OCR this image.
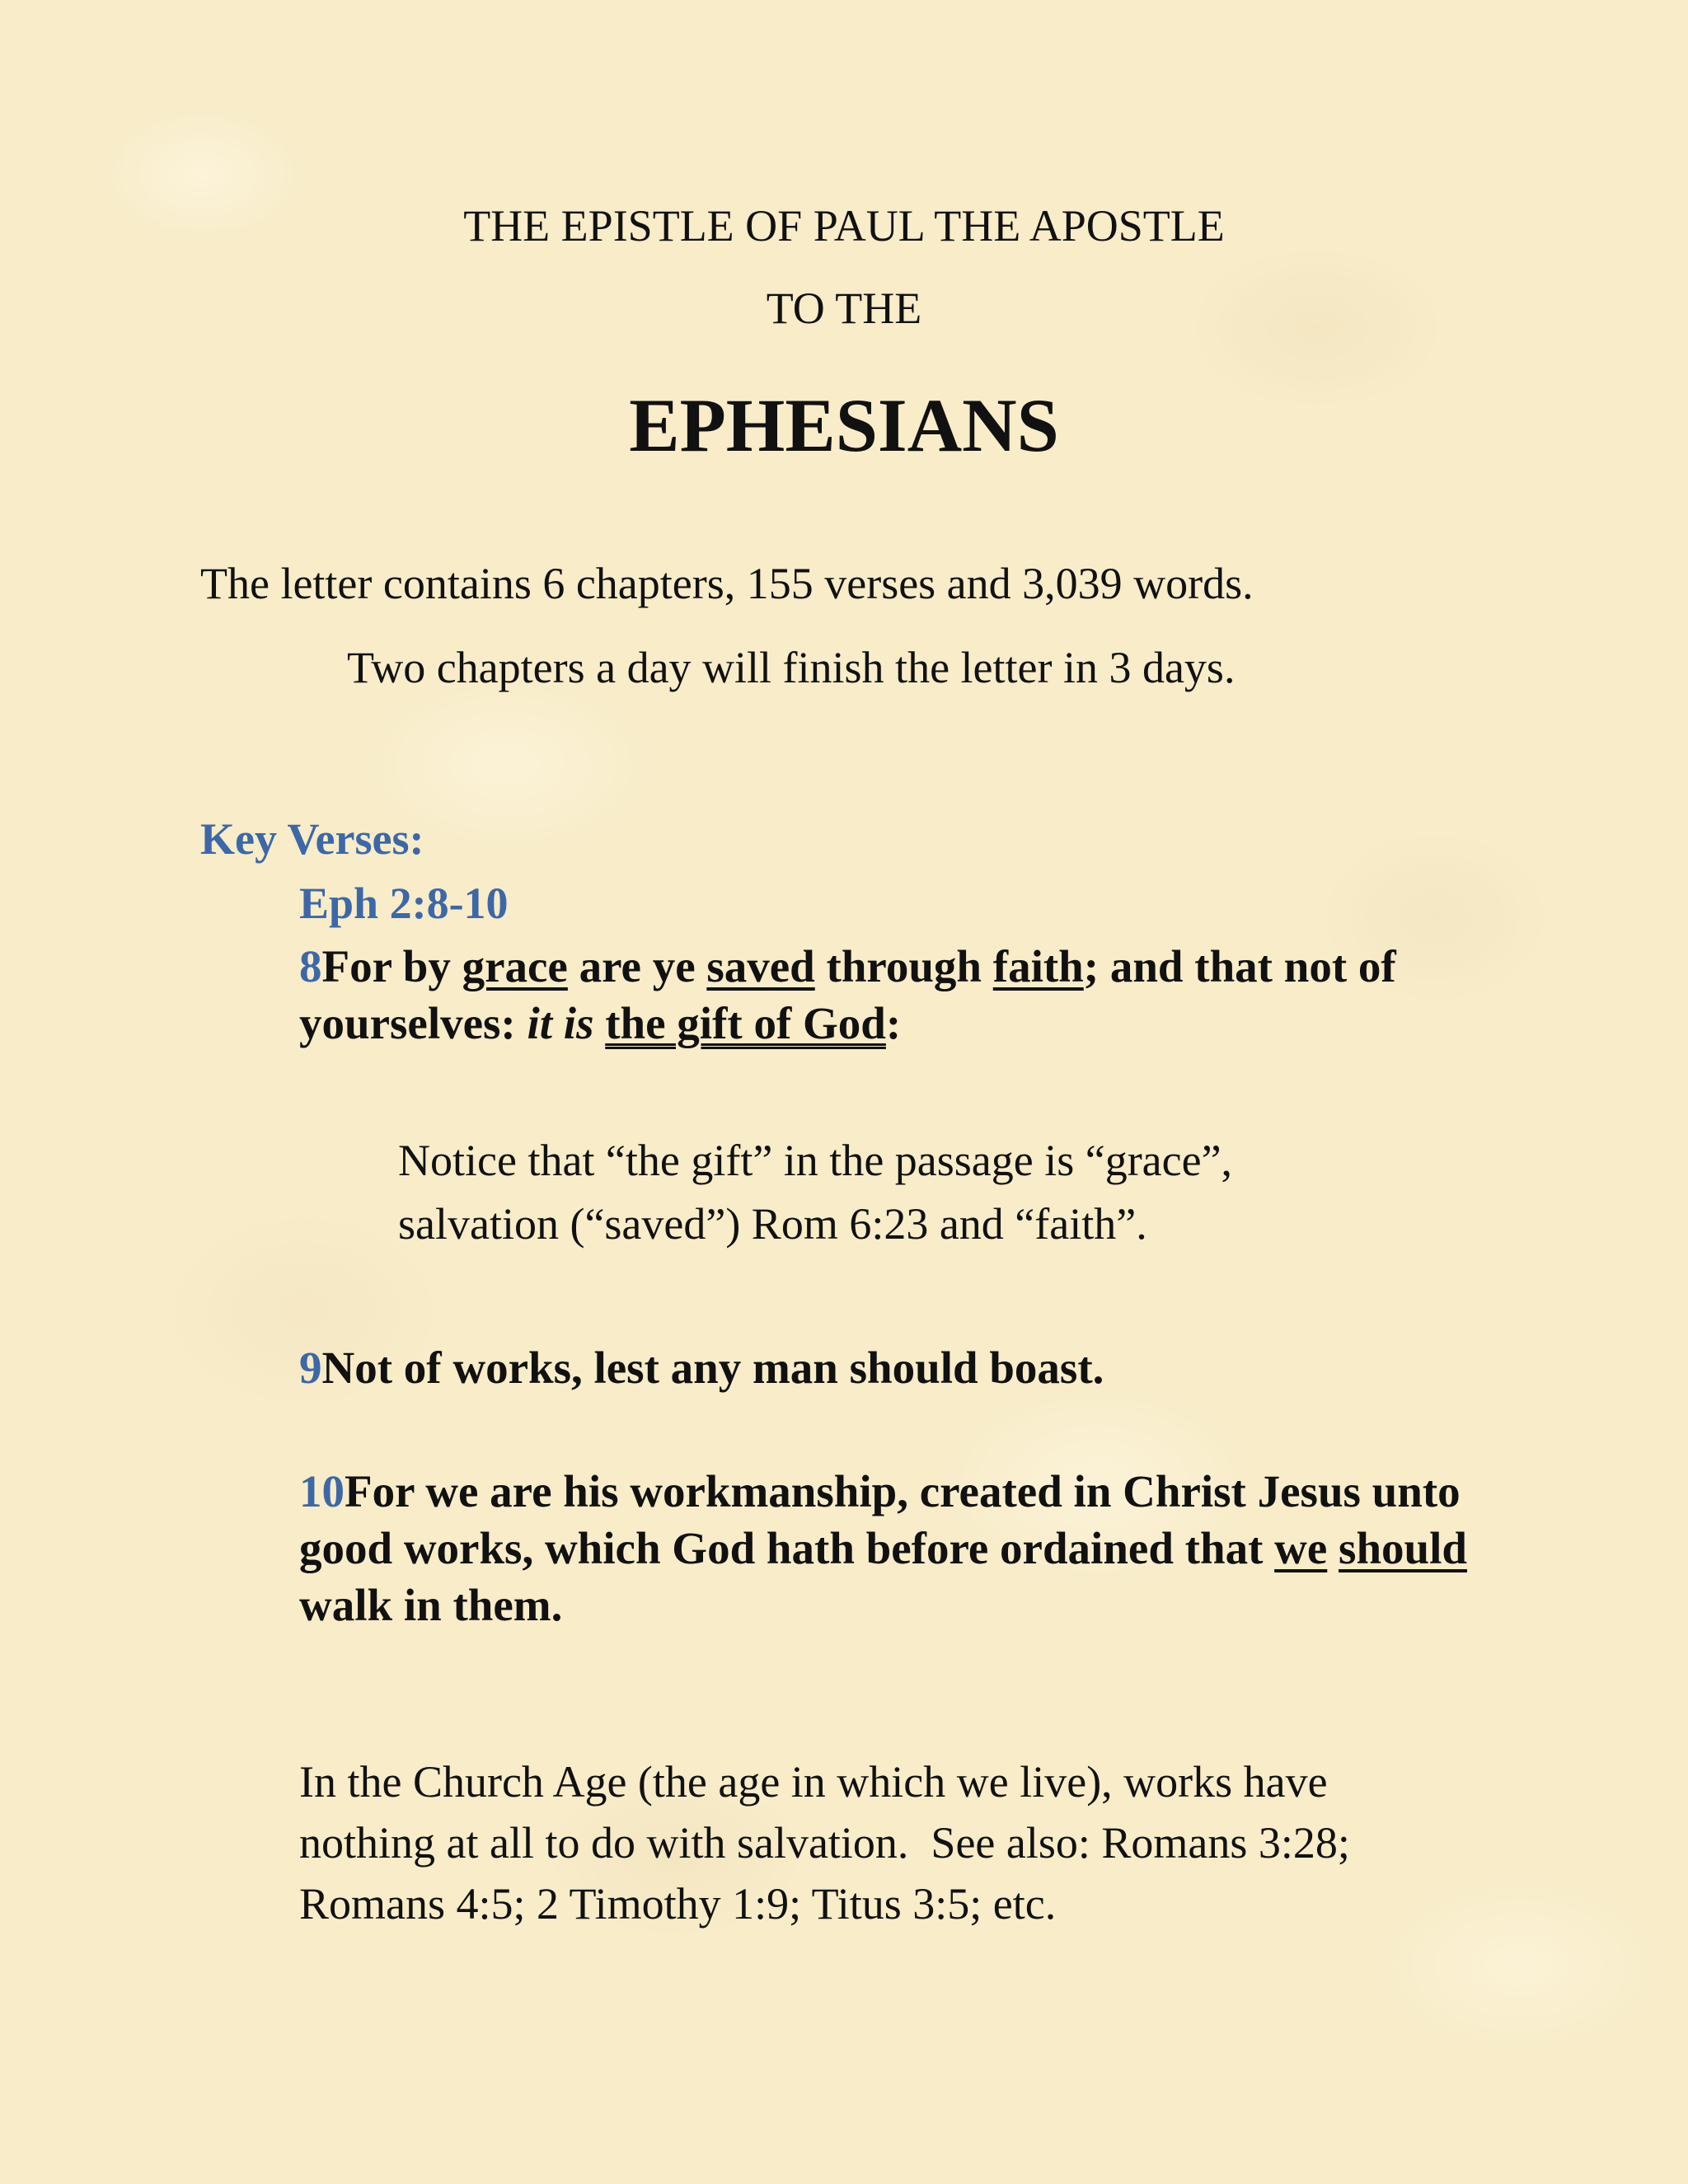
THE EPISTLE OF PAUL THE APOSTLE
TO THE
EPHESIANS
The letter contains 6 chapters, 155 verses and 3,039 words.
Two chapters a day will finish the letter in 3 days.
Key Verses:
Eph 2:8-10
8For by grace are ye saved through faith; and that not of yourselves: it is the gift of God:
Notice that “the gift” in the passage is “grace”,
salvation (“saved”) Rom 6:23 and “faith”.
9Not of works, lest any man should boast.
10For we are his workmanship, created in Christ Jesus unto good works, which God hath before ordained that we should walk in them.
In the Church Age (the age in which we live), works have
nothing at all to do with salvation.  See also: Romans 3:28;
Romans 4:5; 2 Timothy 1:9; Titus 3:5; etc.
